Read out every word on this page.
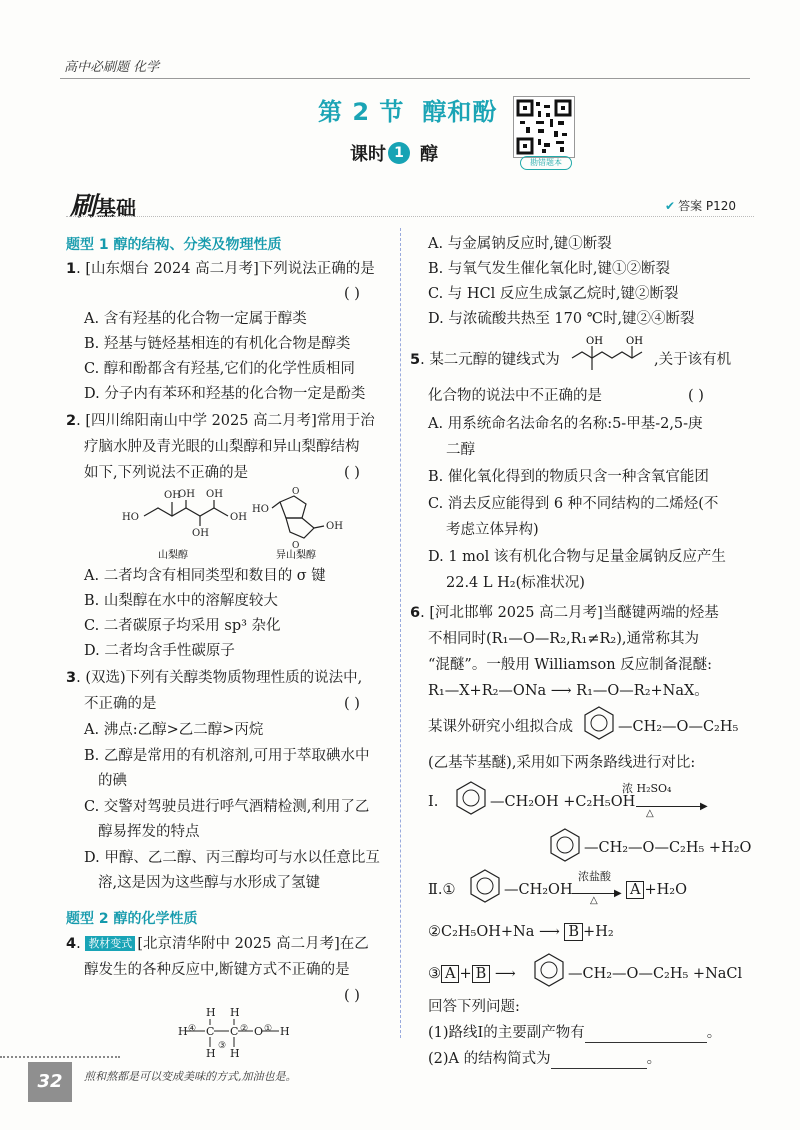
高中必刷题 化学
第 2 节 醇和酚
课时 1 醇	勘错题本
刷基础	✔ 答案 P120
题型 1 醇的结构、分类及物理性质
1. [山东烟台 2024 高二月考]下列说法正确的是
( )
A. 含有羟基的化合物一定属于醇类
B. 羟基与链烃基相连的有机化合物是醇类
C. 醇和酚都含有羟基,它们的化学性质相同
D. 分子内有苯环和羟基的化合物一定是酚类
2. [四川绵阳南山中学 2025 高二月考]常用于治
疗脑水肿及青光眼的山梨醇和异山梨醇结构
如下,下列说法不正确的是	( )
HO
OH
OH OH
OH
OH
HO
O
O
OH
山梨醇	异山梨醇
A. 二者均含有相同类型和数目的 σ 键
B. 山梨醇在水中的溶解度较大
C. 二者碳原子均采用 sp³ 杂化
D. 二者均含手性碳原子
3. (双选)下列有关醇类物质物理性质的说法中,
不正确的是	( )
A. 沸点:乙醇>乙二醇>丙烷
B. 乙醇是常用的有机溶剂,可用于萃取碘水中
的碘
C. 交警对驾驶员进行呼气酒精检测,利用了乙
醇易挥发的特点
D. 甲醇、乙二醇、丙三醇均可与水以任意比互
溶,这是因为这些醇与水形成了氢键
题型 2 醇的化学性质
4. 教材变式 [北京清华附中 2025 高二月考]在乙
醇发生的各种反应中,断键方式不正确的是
( )
H H
H C C O H
H H
④	② ①
③
A. 与金属钠反应时,键①断裂
B. 与氧气发生催化氧化时,键①②断裂
C. 与 HCl 反应生成氯乙烷时,键②断裂
D. 与浓硫酸共热至 170 ℃时,键②④断裂
5. 某二元醇的键线式为
OH OH
,关于该有机
化合物的说法中不正确的是	( )
A. 用系统命名法命名的名称:5-甲基-2,5-庚
二醇
B. 催化氧化得到的物质只含一种含氧官能团
C. 消去反应能得到 6 种不同结构的二烯烃(不
考虑立体异构)
D. 1 mol 该有机化合物与足量金属钠反应产生
22.4 L H₂(标准状况)
6. [河北邯郸 2025 高二月考]当醚键两端的烃基
不相同时(R₁—O—R₂,R₁≠R₂),通常称其为
“混醚”。一般用 Williamson 反应制备混醚:
R₁—X+R₂—ONa ⟶ R₁—O—R₂+NaX。
某课外研究小组拟合成	—CH₂—O—C₂H₅
(乙基苄基醚),采用如下两条路线进行对比:
Ⅰ.	—CH₂OH +C₂H₅OH
浓 H₂SO₄
▶
△
—CH₂—O—C₂H₅ +H₂O
Ⅱ.①	—CH₂OH
浓盐酸
▶
△
A +H₂O
②C₂H₅OH+Na ⟶ B +H₂
③ A + B ⟶	—CH₂—O—C₂H₅ +NaCl
回答下列问题:
(1)路线Ⅰ的主要副产物有	。
(2)A 的结构简式为	。
32	煎和熬都是可以变成美味的方式,加油也是。
